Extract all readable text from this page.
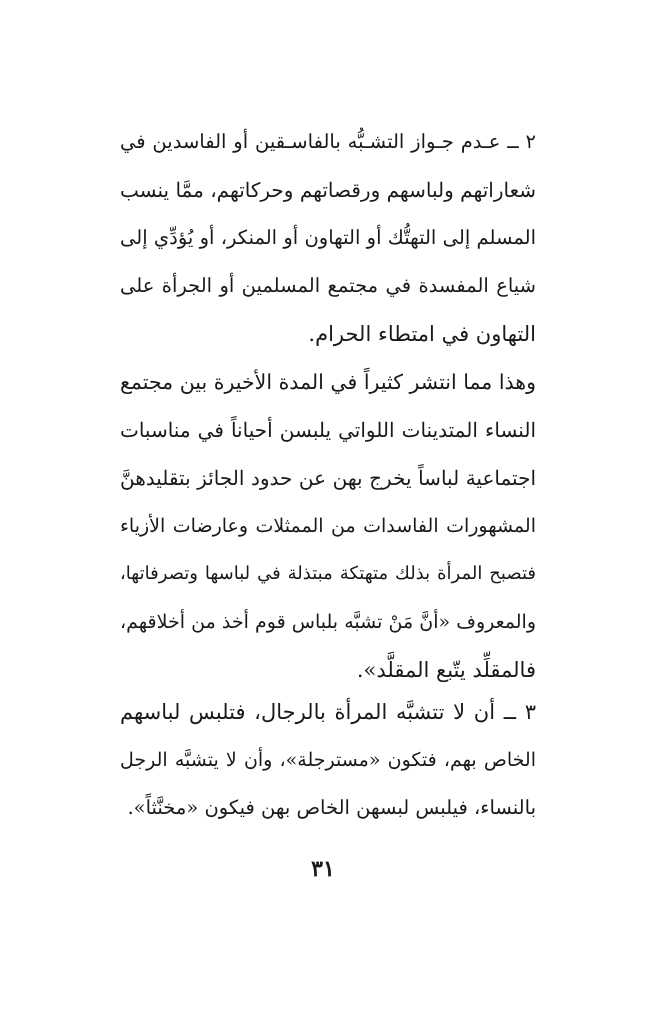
٢ ــ عـدم جـواز التشـبُّه بالفاسـقين أو الفاسدين في
شعاراتهم ولباسهم ورقصاتهم وحركاتهم، ممَّا ينسب
المسلم إلى التهتُّك أو التهاون أو المنكر، أو يُؤدِّي إلى
شياع المفسدة في مجتمع المسلمين أو الجرأة على
التهاون في امتطاء الحرام.
وهذا مما انتشر كثيراً في المدة الأخيرة بين مجتمع
النساء المتدينات اللواتي يلبسن أحياناً في مناسبات
اجتماعية لباساً يخرج بهن عن حدود الجائز بتقليدهنَّ
المشهورات الفاسدات من الممثلات وعارضات الأزياء
فتصبح المرأة بذلك متهتكة مبتذلة في لباسها وتصرفاتها،
والمعروف «أنَّ مَنْ تشبَّه بلباس قوم أخذ من أخلاقهم،
فالمقلِّد يتّبع المقلَّد».
٣ ــ أن لا تتشبَّه المرأة بالرجال، فتلبس لباسهم
الخاص بهم، فتكون «مسترجلة»، وأن لا يتشبَّه الرجل
بالنساء، فيلبس لبسهن الخاص بهن فيكون «مخنَّثاً».
٣١
